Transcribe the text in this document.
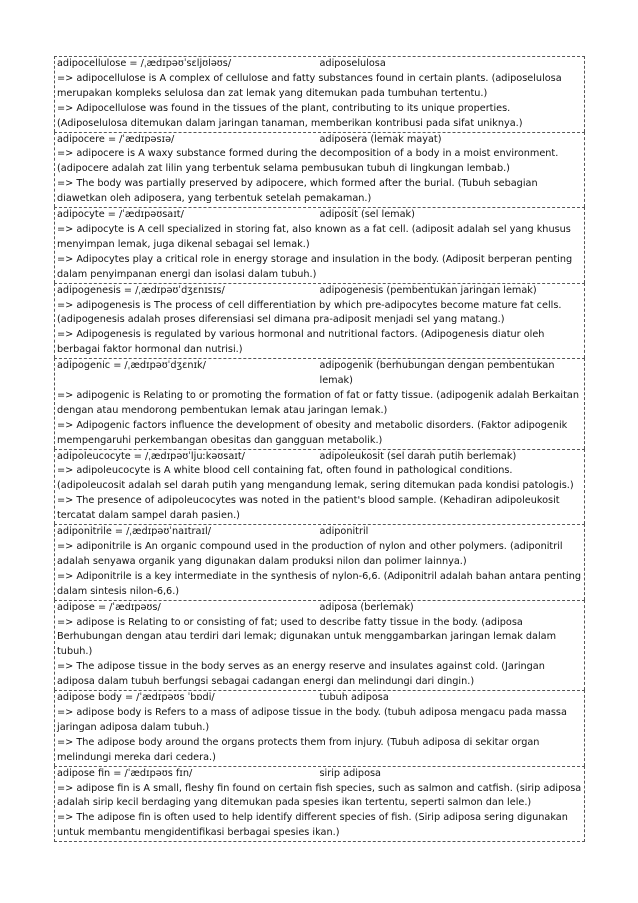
adipocellulose = /ˌædɪpəʊˈsɛljʊləʊs/	adiposelulosa
=> adipocellulose is A complex of cellulose and fatty substances found in certain plants. (adiposelulosa merupakan kompleks selulosa dan zat lemak yang ditemukan pada tumbuhan tertentu.)
=> Adipocellulose was found in the tissues of the plant, contributing to its unique properties. (Adiposelulosa ditemukan dalam jaringan tanaman, memberikan kontribusi pada sifat uniknya.)
adipocere = /ˈædɪpəsɪə/	adiposera (lemak mayat)
=> adipocere is A waxy substance formed during the decomposition of a body in a moist environment. (adipocere adalah zat lilin yang terbentuk selama pembusukan tubuh di lingkungan lembab.)
=> The body was partially preserved by adipocere, which formed after the burial. (Tubuh sebagian diawetkan oleh adiposera, yang terbentuk setelah pemakaman.)
adipocyte = /ˈædɪpəʊsaɪt/	adiposit (sel lemak)
=> adipocyte is A cell specialized in storing fat, also known as a fat cell. (adiposit adalah sel yang khusus menyimpan lemak, juga dikenal sebagai sel lemak.)
=> Adipocytes play a critical role in energy storage and insulation in the body. (Adiposit berperan penting dalam penyimpanan energi dan isolasi dalam tubuh.)
adipogenesis = /ˌædɪpəʊˈdʒɛnɪsɪs/	adipogenesis (pembentukan jaringan lemak)
=> adipogenesis is The process of cell differentiation by which pre-adipocytes become mature fat cells. (adipogenesis adalah proses diferensiasi sel dimana pra-adiposit menjadi sel yang matang.)
=> Adipogenesis is regulated by various hormonal and nutritional factors. (Adipogenesis diatur oleh berbagai faktor hormonal dan nutrisi.)
adipogenic = /ˌædɪpəʊˈdʒɛnɪk/	adipogenik (berhubungan dengan pembentukan lemak)
=> adipogenic is Relating to or promoting the formation of fat or fatty tissue. (adipogenik adalah Berkaitan dengan atau mendorong pembentukan lemak atau jaringan lemak.)
=> Adipogenic factors influence the development of obesity and metabolic disorders. (Faktor adipogenik mempengaruhi perkembangan obesitas dan gangguan metabolik.)
adipoleucocyte = /ˌædɪpəʊˈljuːkəʊsaɪt/	adipoleukosit (sel darah putih berlemak)
=> adipoleucocyte is A white blood cell containing fat, often found in pathological conditions. (adipoleucosit adalah sel darah putih yang mengandung lemak, sering ditemukan pada kondisi patologis.)
=> The presence of adipoleucocytes was noted in the patient's blood sample. (Kehadiran adipoleukosit tercatat dalam sampel darah pasien.)
adiponitrile = /ˌædɪpəʊˈnaɪtraɪl/	adiponitril
=> adiponitrile is An organic compound used in the production of nylon and other polymers. (adiponitril adalah senyawa organik yang digunakan dalam produksi nilon dan polimer lainnya.)
=> Adiponitrile is a key intermediate in the synthesis of nylon-6,6. (Adiponitril adalah bahan antara penting dalam sintesis nilon-6,6.)
adipose = /ˈædɪpəʊs/	adiposa (berlemak)
=> adipose is Relating to or consisting of fat; used to describe fatty tissue in the body. (adiposa Berhubungan dengan atau terdiri dari lemak; digunakan untuk menggambarkan jaringan lemak dalam tubuh.)
=> The adipose tissue in the body serves as an energy reserve and insulates against cold. (Jaringan adiposa dalam tubuh berfungsi sebagai cadangan energi dan melindungi dari dingin.)
adipose body = /ˈædɪpəʊs ˈbɒdi/	tubuh adiposa
=> adipose body is Refers to a mass of adipose tissue in the body. (tubuh adiposa mengacu pada massa jaringan adiposa dalam tubuh.)
=> The adipose body around the organs protects them from injury. (Tubuh adiposa di sekitar organ melindungi mereka dari cedera.)
adipose fin = /ˈædɪpəʊs fɪn/	sirip adiposa
=> adipose fin is A small, fleshy fin found on certain fish species, such as salmon and catfish. (sirip adiposa adalah sirip kecil berdaging yang ditemukan pada spesies ikan tertentu, seperti salmon dan lele.)
=> The adipose fin is often used to help identify different species of fish. (Sirip adiposa sering digunakan untuk membantu mengidentifikasi berbagai spesies ikan.)
